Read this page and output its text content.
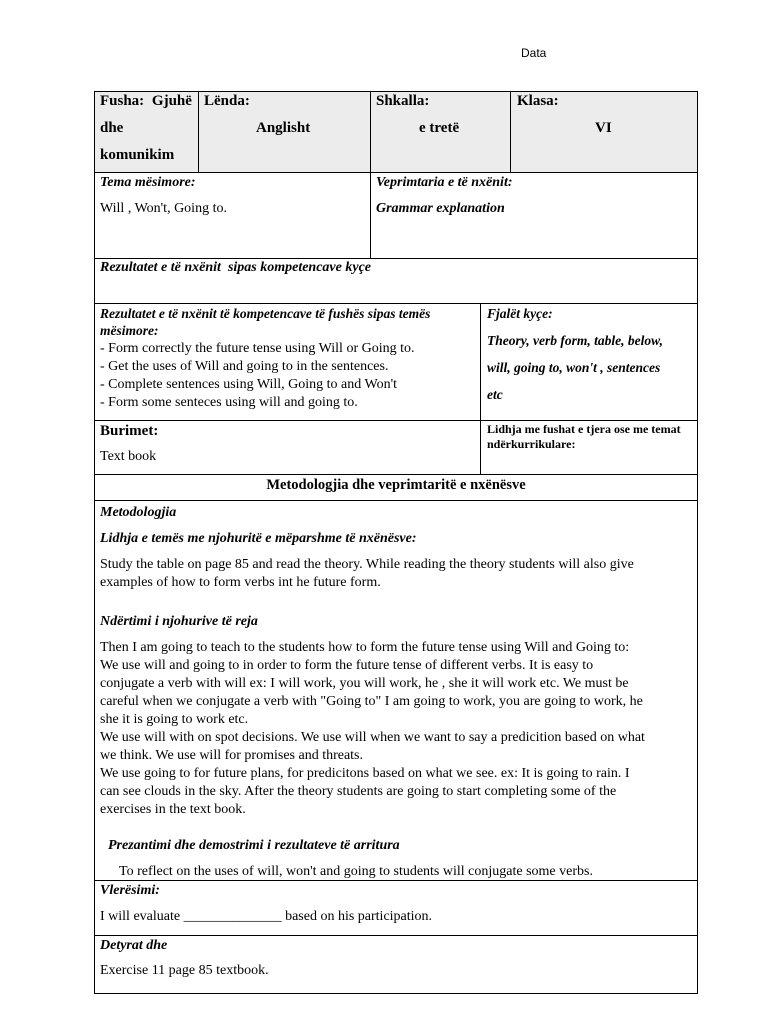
Data
Fusha: Gjuhë
dhe
komunikim
Lënda:
Anglisht
Shkalla:
e tretë
Klasa:
VI
Tema mësimore:
Will , Won't, Going to.
Veprimtaria e të nxënit:
Grammar explanation
Rezultatet e të nxënit  sipas kompetencave kyçe
Rezultatet e të nxënit të kompetencave të fushës sipas temës
mësimore:
- Form correctly the future tense using Will or Going to.
- Get the uses of Will and going to in the sentences.
- Complete sentences using Will, Going to and Won't
- Form some senteces using will and going to.
Fjalët kyçe:
Theory, verb form, table, below,
will, going to, won't , sentences
etc
Burimet:
Text book
Lidhja me fushat e tjera ose me temat
ndërkurrikulare:
Metodologjia dhe veprimtaritë e nxënësve
Metodologjia
Lidhja e temës me njohuritë e mëparshme të nxënësve:
Study the table on page 85 and read the theory. While reading the theory students will also give
examples of how to form verbs int he future form.
Ndërtimi i njohurive të reja
Then I am going to teach to the students how to form the future tense using Will and Going to:
We use will and going to in order to form the future tense of different verbs. It is easy to
conjugate a verb with will ex: I will work, you will work, he , she it will work etc. We must be
careful when we conjugate a verb with "Going to" I am going to work, you are going to work, he
she it is going to work etc.
We use will with on spot decisions. We use will when we want to say a predicition based on what
we think. We use will for promises and threats.
We use going to for future plans, for predicitons based on what we see. ex: It is going to rain. I
can see clouds in the sky. After the theory students are going to start completing some of the
exercises in the text book.
Prezantimi dhe demostrimi i rezultateve të arritura
To reflect on the uses of will, won't and going to students will conjugate some verbs.
Vlerësimi:
I will evaluate ______________ based on his participation.
Detyrat dhe
Exercise 11 page 85 textbook.
